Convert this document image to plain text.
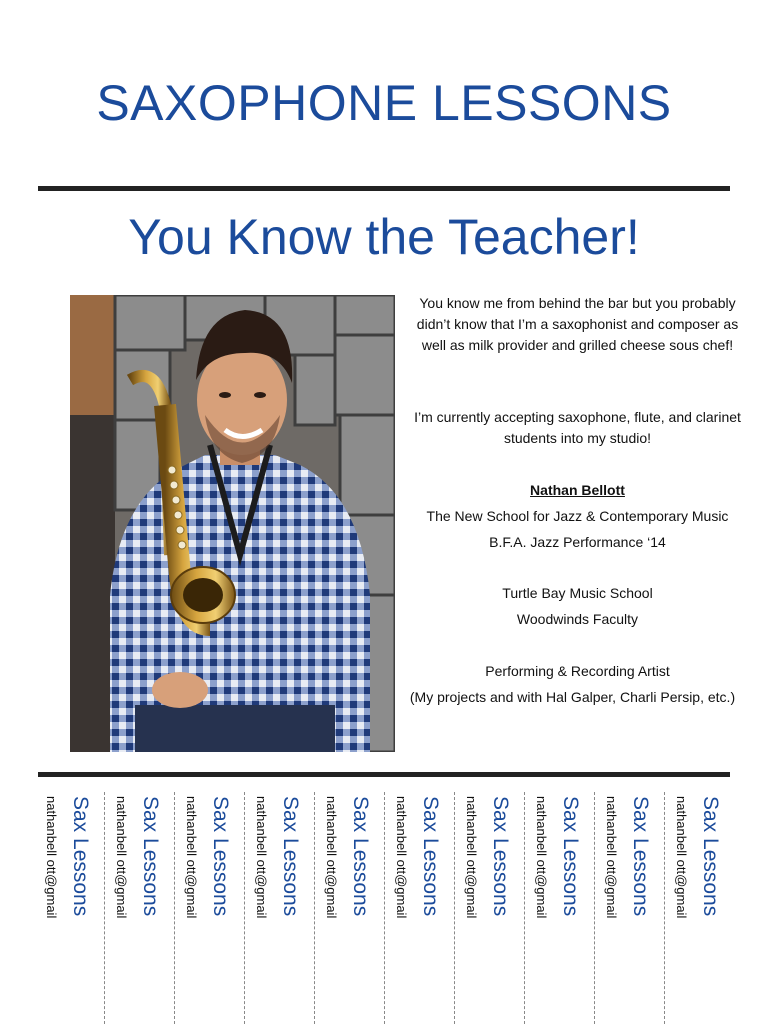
SAXOPHONE LESSONS
You Know the Teacher!

You know me from behind the bar but you probably didn’t know that I’m a saxophonist and composer as well as milk provider and grilled cheese sous chef!

I’m currently accepting saxophone, flute, and clarinet students into my studio!

Nathan Bellott

The New School for Jazz & Contemporary Music
B.F.A. Jazz Performance ‘14
Turtle Bay Music School
Woodwinds Faculty
Performing & Recording Artist
(My projects and with Hal Galper, Charli Persip, etc.)
Sax Lessons
nathanbell ott@gmail	Sax Lessons
nathanbell ott@gmail	Sax Lessons
nathanbell ott@gmail	Sax Lessons
nathanbell ott@gmail	Sax Lessons
nathanbell ott@gmail	Sax Lessons
nathanbell ott@gmail	Sax Lessons
nathanbell ott@gmail	Sax Lessons
nathanbell ott@gmail	Sax Lessons
nathanbell ott@gmail	Sax Lessons
nathanbell ott@gmail
